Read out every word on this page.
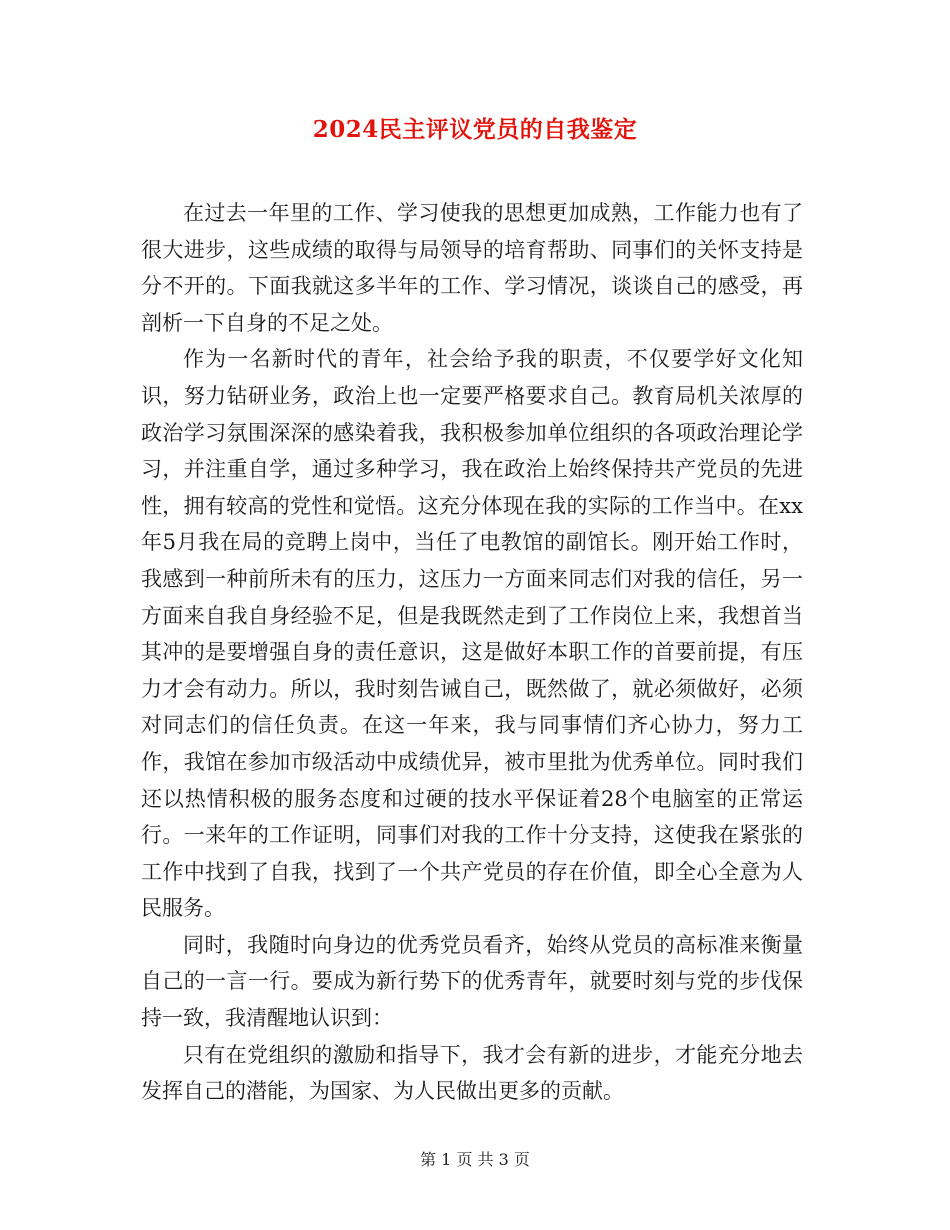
2024民主评议党员的自我鉴定

在过去一年里的工作、学习使我的思想更加成熟，工作能力也有了很大进步，这些成绩的取得与局领导的培育帮助、同事们的关怀支持是分不开的。下面我就这多半年的工作、学习情况，谈谈自己的感受，再剖析一下自身的不足之处。

作为一名新时代的青年，社会给予我的职责，不仅要学好文化知识，努力钻研业务，政治上也一定要严格要求自己。教育局机关浓厚的政治学习氛围深深的感染着我，我积极参加单位组织的各项政治理论学习，并注重自学，通过多种学习，我在政治上始终保持共产党员的先进性，拥有较高的党性和觉悟。这充分体现在我的实际的工作当中。在xx年5月我在局的竞聘上岗中，当任了电教馆的副馆长。刚开始工作时，我感到一种前所未有的压力，这压力一方面来同志们对我的信任，另一方面来自我自身经验不足，但是我既然走到了工作岗位上来，我想首当其冲的是要增强自身的责任意识，这是做好本职工作的首要前提，有压力才会有动力。所以，我时刻告诫自己，既然做了，就必须做好，必须对同志们的信任负责。在这一年来，我与同事情们齐心协力，努力工作，我馆在参加市级活动中成绩优异，被市里批为优秀单位。同时我们还以热情积极的服务态度和过硬的技水平保证着28个电脑室的正常运行。一来年的工作证明，同事们对我的工作十分支持，这使我在紧张的工作中找到了自我，找到了一个共产党员的存在价值，即全心全意为人民服务。

同时，我随时向身边的优秀党员看齐，始终从党员的高标准来衡量自己的一言一行。要成为新行势下的优秀青年，就要时刻与党的步伐保持一致，我清醒地认识到：

只有在党组织的激励和指导下，我才会有新的进步，才能充分地去发挥自己的潜能，为国家、为人民做出更多的贡献。

第 1 页 共 3 页
